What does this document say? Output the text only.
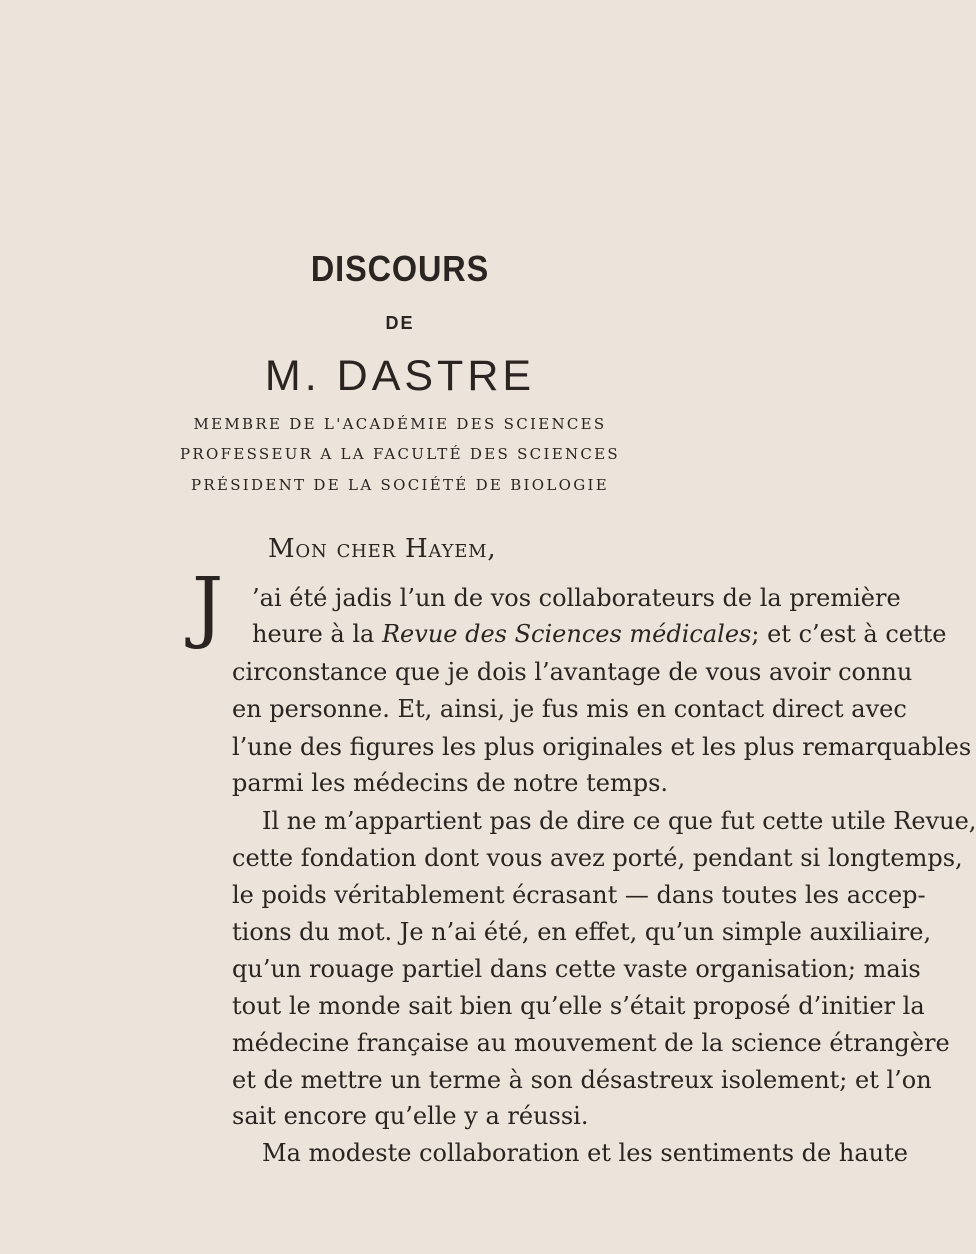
DISCOURS
DE
M. DASTRE
MEMBRE DE L'ACADÉMIE DES SCIENCES
PROFESSEUR A LA FACULTÉ DES SCIENCES
PRÉSIDENT DE LA SOCIÉTÉ DE BIOLOGIE
Mon cher Hayem,
J ’ai été jadis l’un de vos collaborateurs de la première
heure à la Revue des Sciences médicales; et c’est à cette
circonstance que je dois l’avantage de vous avoir connu
en personne. Et, ainsi, je fus mis en contact direct avec
l’une des figures les plus originales et les plus remarquables
parmi les médecins de notre temps.
Il ne m’appartient pas de dire ce que fut cette utile Revue,
cette fondation dont vous avez porté, pendant si longtemps,
le poids véritablement écrasant — dans toutes les accep-
tions du mot. Je n’ai été, en effet, qu’un simple auxiliaire,
qu’un rouage partiel dans cette vaste organisation; mais
tout le monde sait bien qu’elle s’était proposé d’initier la
médecine française au mouvement de la science étrangère
et de mettre un terme à son désastreux isolement; et l’on
sait encore qu’elle y a réussi.
Ma modeste collaboration et les sentiments de haute
